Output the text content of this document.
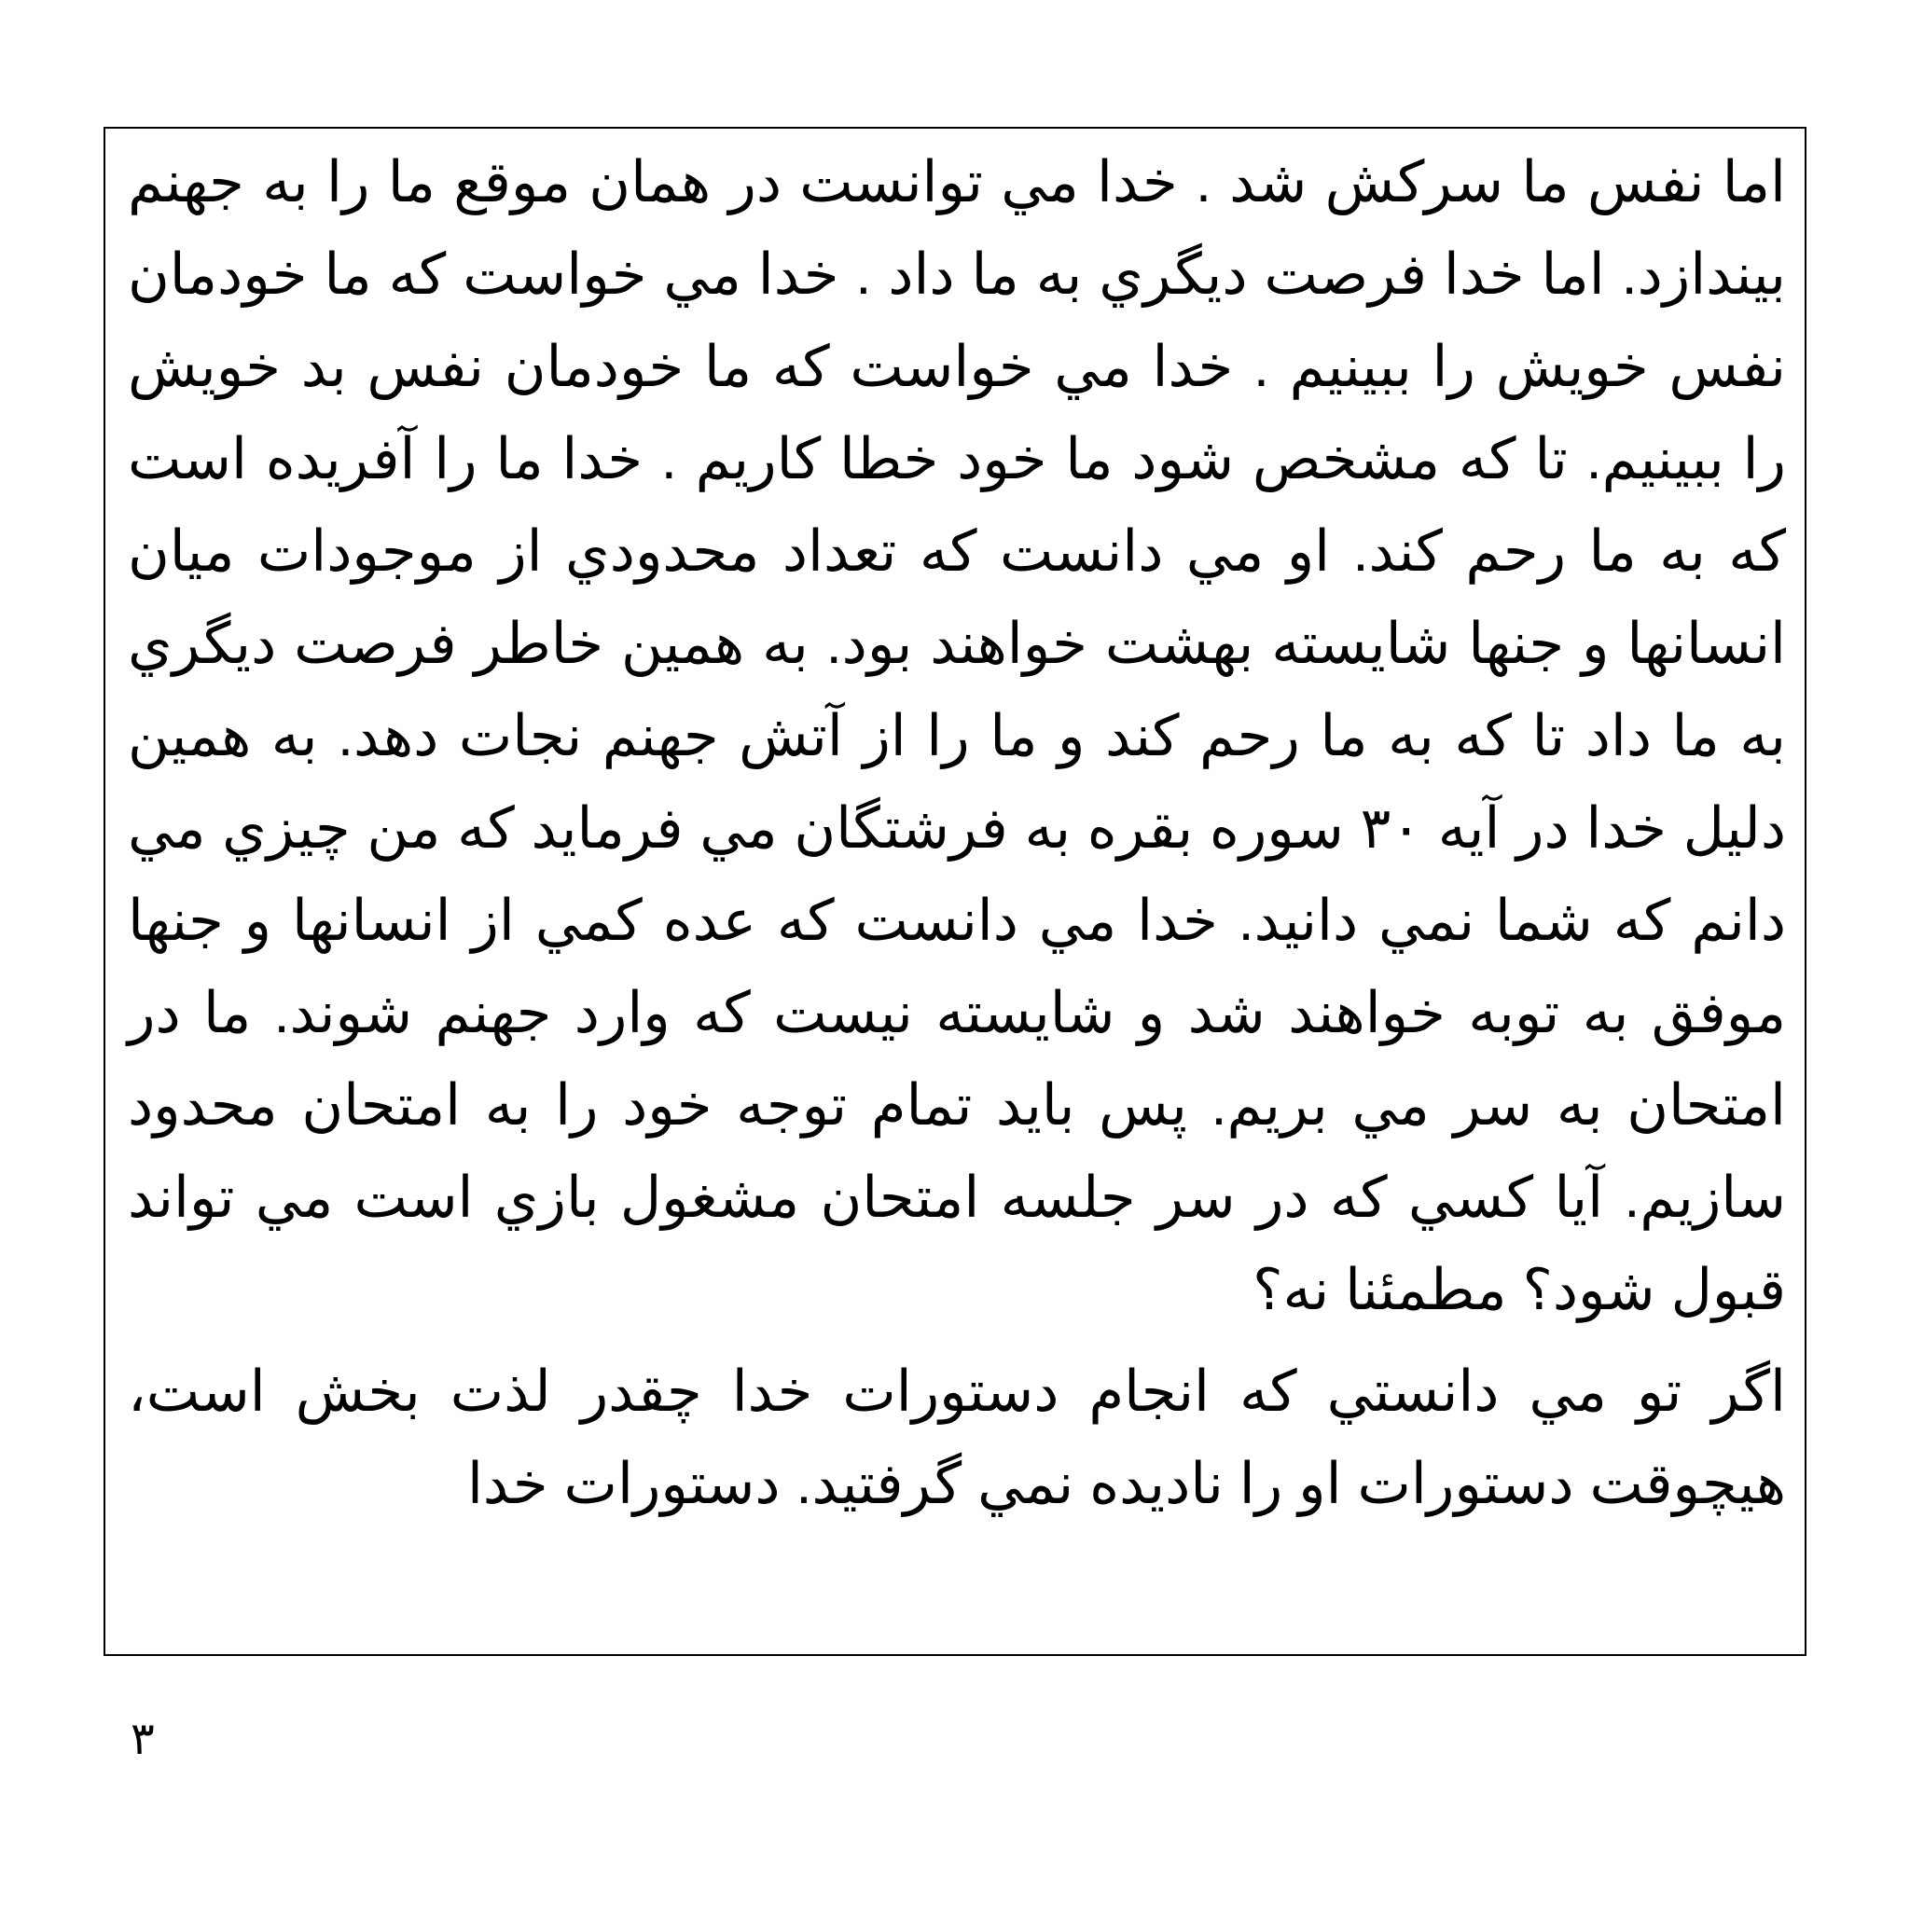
اما نفس ما سركش شد . خدا مي توانست در همان موقع ما را به جهنم بيندازد. اما خدا فرصت ديگري به ما داد . خدا مي خواست كه ما خودمان نفس خويش را ببينيم . خدا مي خواست كه ما خودمان نفس بد خويش را ببينيم. تا كه مشخص شود ما خود خطا كاريم . خدا ما را آفريده است كه به ما رحم كند. او مي دانست كه تعداد محدودي از موجودات ميان انسانها و جنها شايسته بهشت خواهند بود. به همين خاطر فرصت ديگري به ما داد تا كه به ما رحم كند و ما را از آتش جهنم نجات دهد. به همين دليل خدا در آيه ۳۰ سوره بقره به فرشتگان مي فرمايد كه من چيزي مي دانم كه شما نمي دانيد. خدا مي دانست كه عده كمي از انسانها و جنها موفق به توبه خواهند شد و شايسته نيست كه وارد جهنم شوند. ما در امتحان به سر مي بريم. پس بايد تمام توجه خود را به امتحان محدود سازيم. آيا كسي كه در سر جلسه امتحان مشغول بازي است مي تواند قبول شود؟ مطمئنا نه؟

اگر تو مي دانستي كه انجام دستورات خدا چقدر لذت بخش است، هيچوقت دستورات او را ناديده نمي گرفتيد. دستورات خدا

۳
